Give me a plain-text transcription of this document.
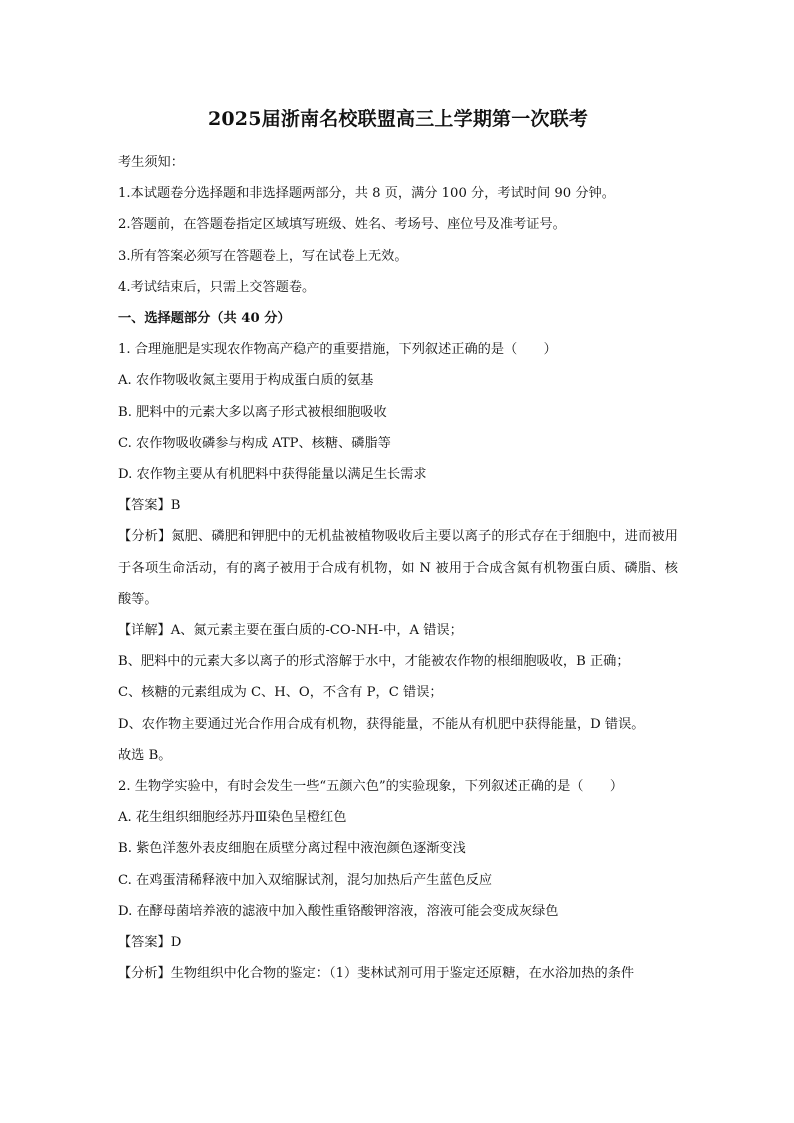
2025届浙南名校联盟高三上学期第一次联考
考生须知：
1.本试题卷分选择题和非选择题两部分，共 8 页，满分 100 分，考试时间 90 分钟。
2.答题前，在答题卷指定区域填写班级、姓名、考场号、座位号及准考证号。
3.所有答案必须写在答题卷上，写在试卷上无效。
4.考试结束后，只需上交答题卷。
一、选择题部分（共 40 分）
1. 合理施肥是实现农作物高产稳产的重要措施，下列叙述正确的是（　　）
A. 农作物吸收氮主要用于构成蛋白质的氨基
B. 肥料中的元素大多以离子形式被根细胞吸收
C. 农作物吸收磷参与构成 ATP、核糖、磷脂等
D. 农作物主要从有机肥料中获得能量以满足生长需求
【答案】B
【分析】氮肥、磷肥和钾肥中的无机盐被植物吸收后主要以离子的形式存在于细胞中，进而被用于各项生命活动，有的离子被用于合成有机物，如 N 被用于合成含氮有机物蛋白质、磷脂、核酸等。
【详解】A、氮元素主要在蛋白质的-CO-NH-中，A 错误；
B、肥料中的元素大多以离子的形式溶解于水中，才能被农作物的根细胞吸收，B 正确；
C、核糖的元素组成为 C、H、O，不含有 P，C 错误；
D、农作物主要通过光合作用合成有机物，获得能量，不能从有机肥中获得能量，D 错误。
故选 B。
2. 生物学实验中，有时会发生一些“五颜六色”的实验现象，下列叙述正确的是（　　）
A. 花生组织细胞经苏丹Ⅲ染色呈橙红色
B. 紫色洋葱外表皮细胞在质壁分离过程中液泡颜色逐渐变浅
C. 在鸡蛋清稀释液中加入双缩脲试剂，混匀加热后产生蓝色反应
D. 在酵母菌培养液的滤液中加入酸性重铬酸钾溶液，溶液可能会变成灰绿色
【答案】D
【分析】生物组织中化合物的鉴定：（1）斐林试剂可用于鉴定还原糖，在水浴加热的条件
